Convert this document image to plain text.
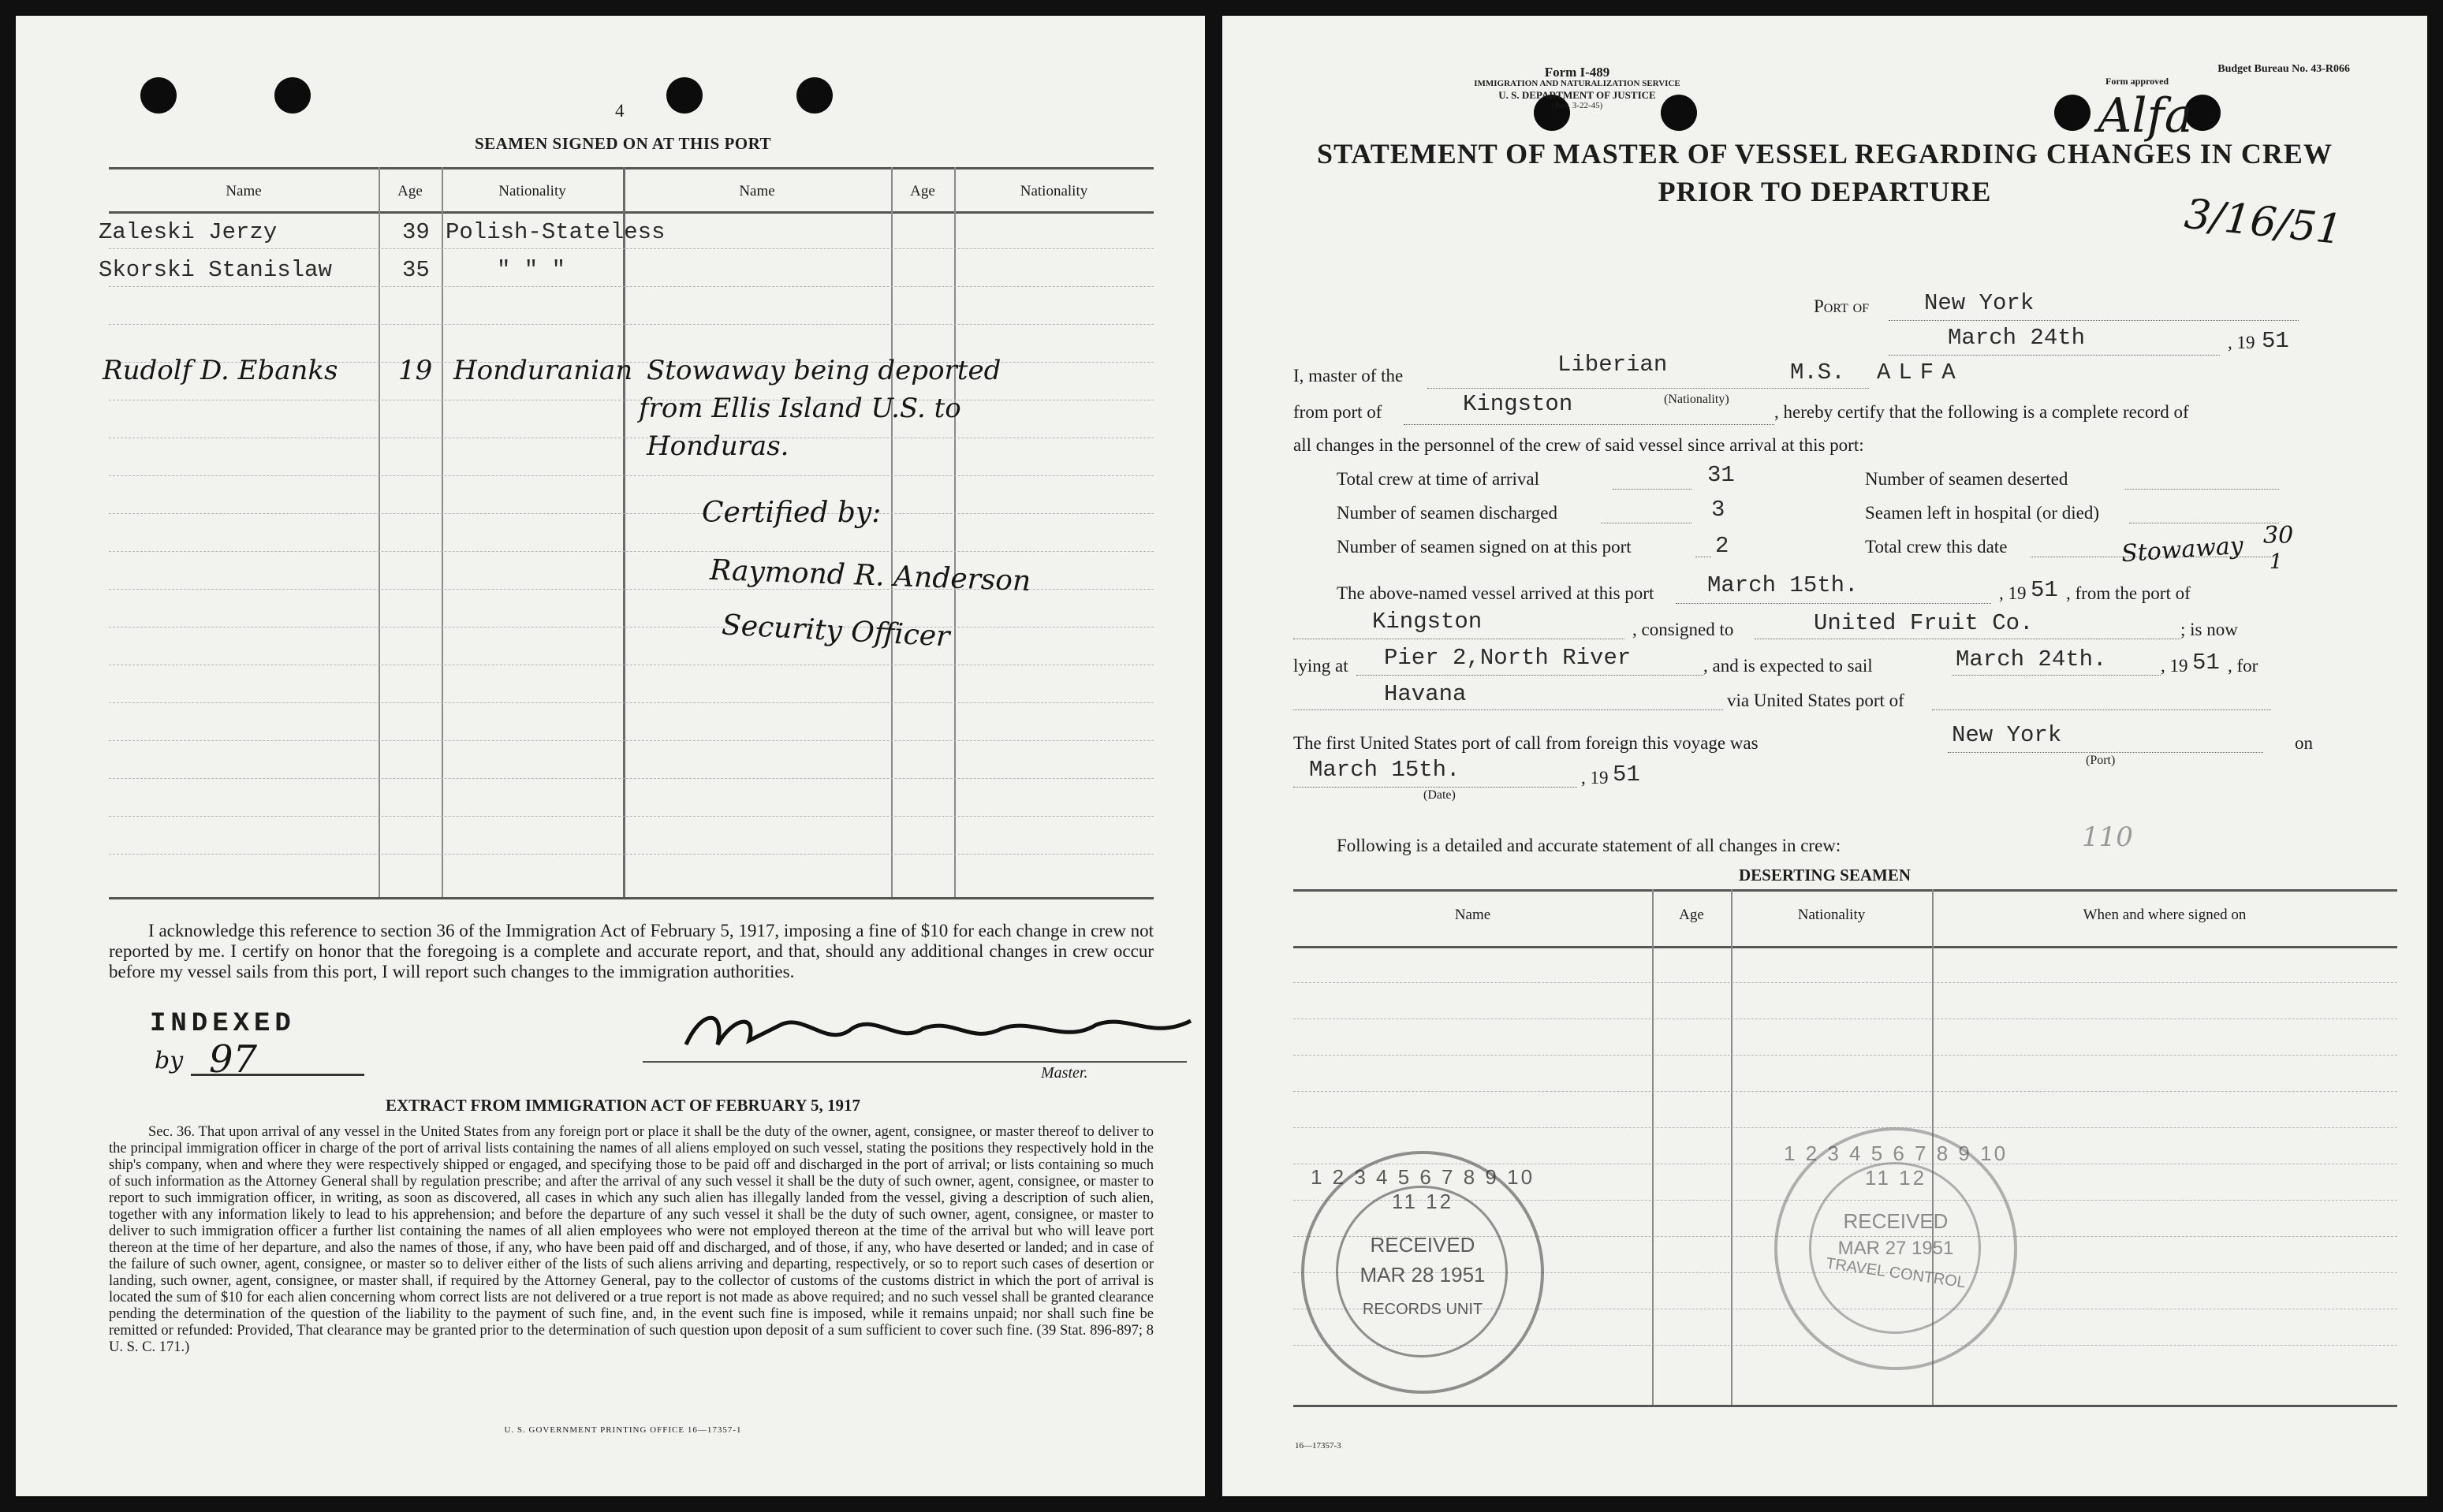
4
SEAMEN SIGNED ON AT THIS PORT
Name	Age	Nationality	Name	Age	Nationality
Zaleski Jerzy	39 Polish-Stateless
Skorski Stanislaw	35	" " "
Rudolf D. Ebanks 19 Honduranian Stowaway being deported
from Ellis Island U.S. to
Honduras.
Certified by:
Raymond R. Anderson
Security Officer
I acknowledge this reference to section 36 of the Immigration Act of February 5, 1917, imposing a fine of $10 for each change in crew not reported by me. I certify on honor that the foregoing is a complete and accurate report, and that, should any additional changes in crew occur before my vessel sails from this port, I will report such changes to the immigration authorities.
INDEXED
by 97	Master.
EXTRACT FROM IMMIGRATION ACT OF FEBRUARY 5, 1917
Sec. 36. That upon arrival of any vessel in the United States from any foreign port or place it shall be the duty of the owner, agent, consignee, or master thereof to deliver to the principal immigration officer in charge of the port of arrival lists containing the names of all aliens employed on such vessel, stating the positions they respectively hold in the ship's company, when and where they were respectively shipped or engaged, and specifying those to be paid off and discharged in the port of arrival; or lists containing so much of such information as the Attorney General shall by regulation prescribe; and after the arrival of any such vessel it shall be the duty of such owner, agent, consignee, or master to report to such immigration officer, in writing, as soon as discovered, all cases in which any such alien has illegally landed from the vessel, giving a description of such alien, together with any information likely to lead to his apprehension; and before the departure of any such vessel it shall be the duty of such owner, agent, consignee, or master to deliver to such immigration officer a further list containing the names of all alien employees who were not employed thereon at the time of the arrival but who will leave port thereon at the time of her departure, and also the names of those, if any, who have been paid off and discharged, and of those, if any, who have deserted or landed; and in case of the failure of such owner, agent, consignee, or master so to deliver either of the lists of such aliens arriving and departing, respectively, or so to report such cases of desertion or landing, such owner, agent, consignee, or master shall, if required by the Attorney General, pay to the collector of customs of the customs district in which the port of arrival is located the sum of $10 for each alien concerning whom correct lists are not delivered or a true report is not made as above required; and no such vessel shall be granted clearance pending the determination of the question of the liability to the payment of such fine, and, in the event such fine is imposed, while it remains unpaid; nor shall such fine be remitted or refunded: Provided, That clearance may be granted prior to the determination of such question upon deposit of a sum sufficient to cover such fine. (39 Stat. 896-897; 8 U. S. C. 171.)
U. S. GOVERNMENT PRINTING OFFICE 16—17357-1
Form I-489
IMMIGRATION AND NATURALIZATION SERVICE
U. S. DEPARTMENT OF JUSTICE
(Rev. 3-22-45)
Budget Bureau No. 43-R066
Form approved
Alfa
3/16/51
STATEMENT OF MASTER OF VESSEL REGARDING CHANGES IN CREW
PRIOR TO DEPARTURE
Port of New York
March 24th	, 19 51
I, master of the	Liberian
(Nationality)
M.S. ALFA
from port of	Kingston	, hereby certify that the following is a complete record of
all changes in the personnel of the crew of said vessel since arrival at this port:
Total crew at time of arrival	31
Number of seamen discharged	3
Number of seamen signed on at this port	2
Number of seamen deserted
Seamen left in hospital (or died)
Total crew this date	Stowaway 30
1
The above-named vessel arrived at this port March 15th.	, 19 51 , from the port of
Kingston	, consigned to	United Fruit Co.	; is now
lying at Pier 2,North River	, and is expected to sail	March 24th.	, 19 51 , for
Havana	via United States port of
The first United States port of call from foreign this voyage was	New York
(Port)
on
March 15th.	, 19 51
(Date)
Following is a detailed and accurate statement of all changes in crew:	110
DESERTING SEAMEN
Name	Age	Nationality	When and where signed on
1 2 3 4 5 6 7 8 9 10 11 12
RECEIVED
MAR 28 1951
RECORDS UNIT
1 2 3 4 5 6 7 8 9 10 11 12
RECEIVED
MAR 27 1951
TRAVEL CONTROL
16—17357-3
